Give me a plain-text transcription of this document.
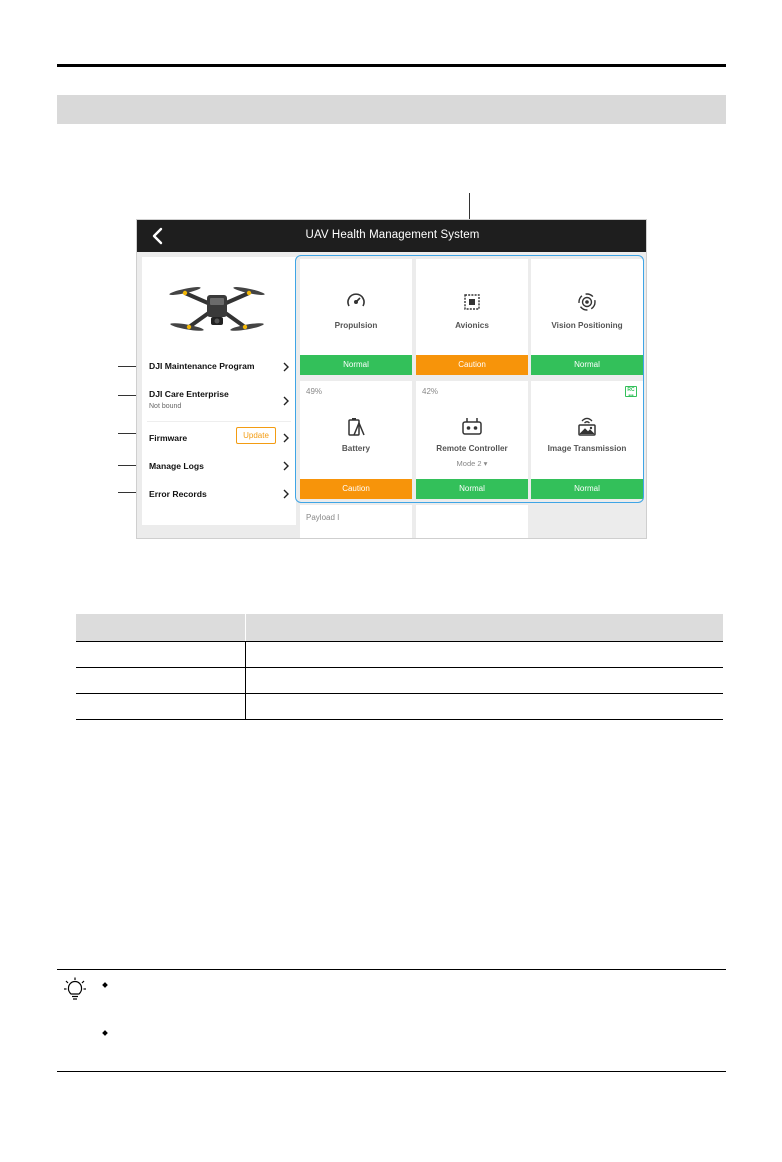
UAV Health Management System
DJI Maintenance Program
DJI Care Enterprise
Not bound
Firmware	Update
Manage Logs
Error Records
Propulsion
Normal
Avionics
Caution
Vision Positioning
Normal
49%
Battery
Caution
42%
Remote Controller
Mode 2 ▾
Normal
RC
•••
Image Transmission
Normal
Payload I
